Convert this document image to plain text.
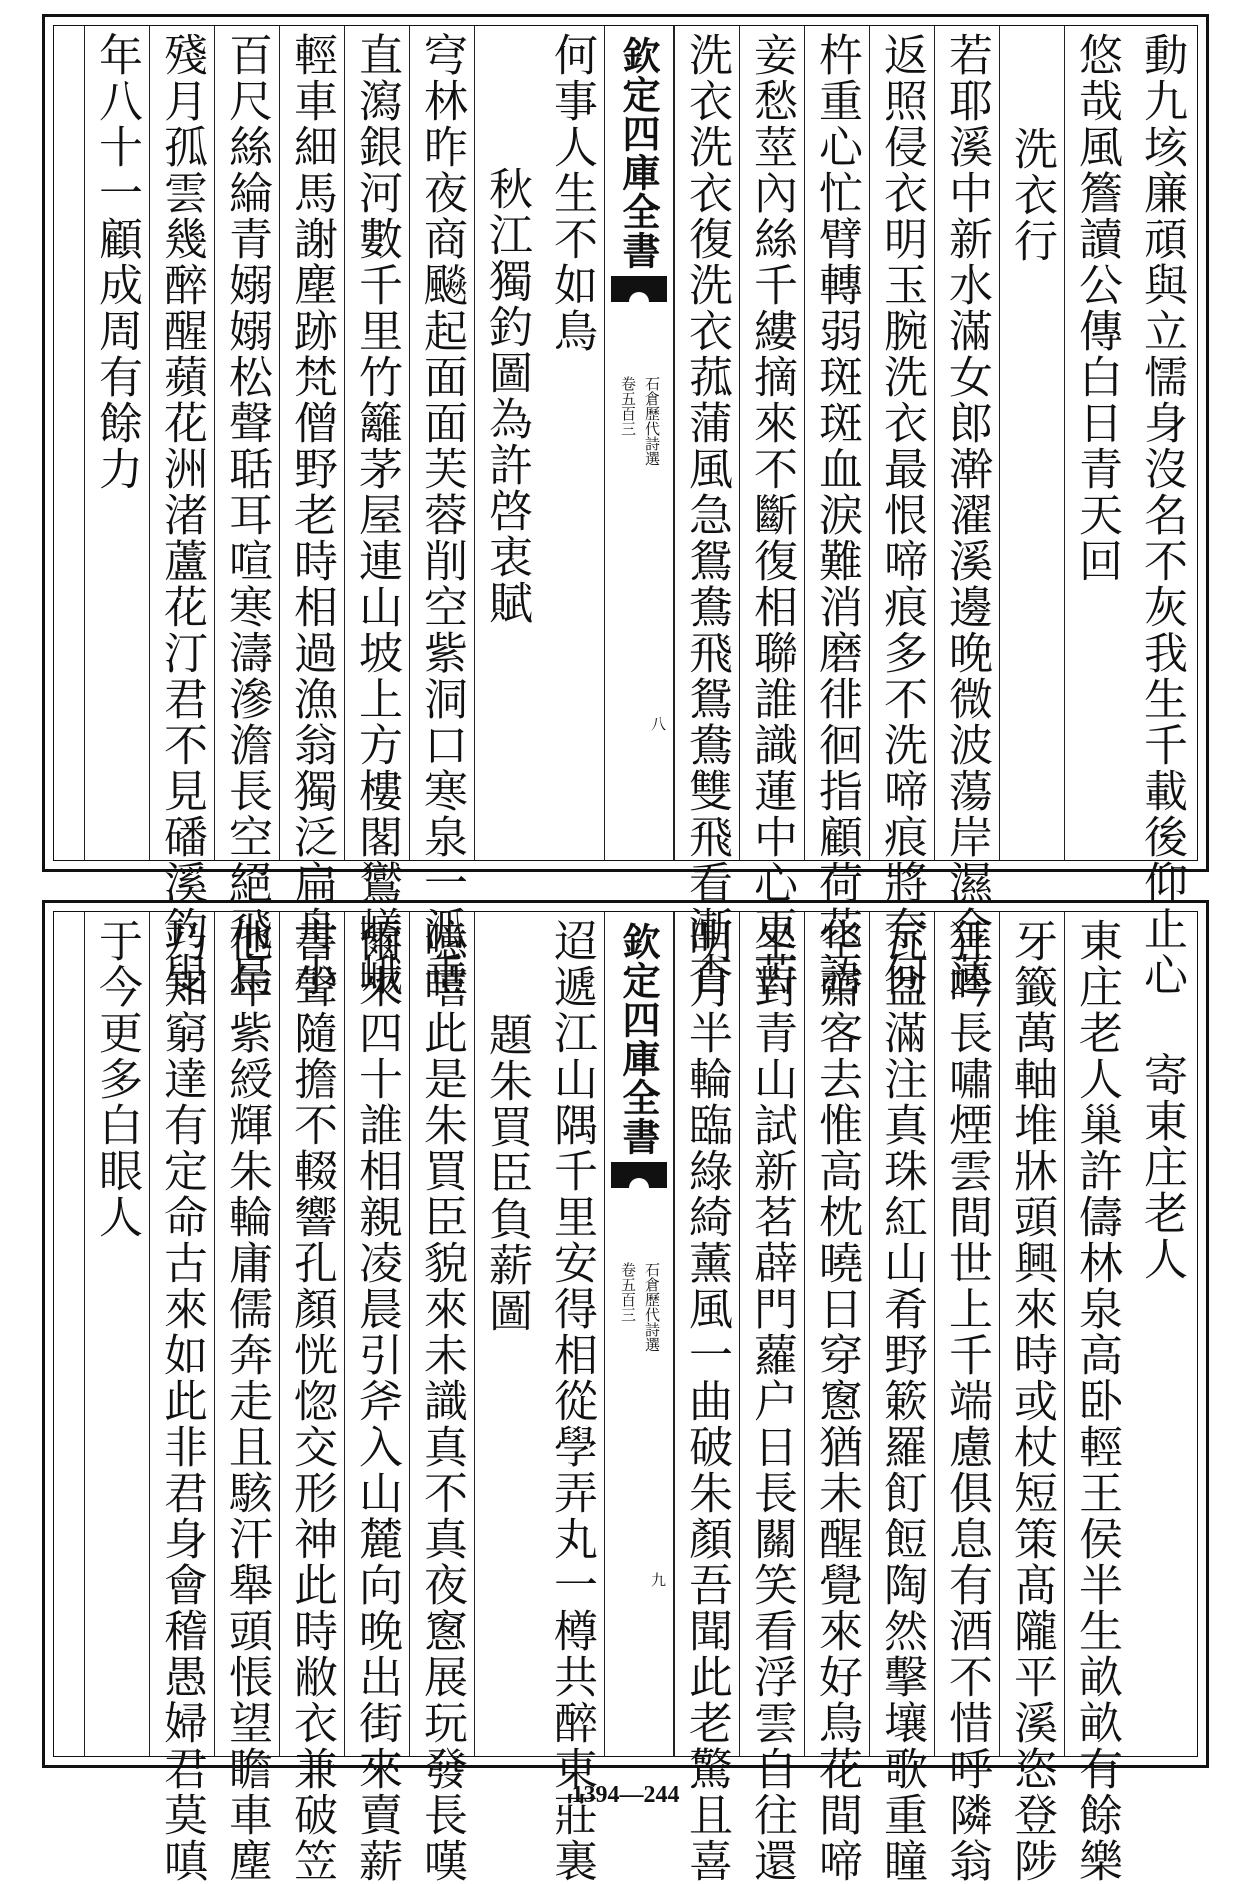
動九垓廉頑與立懦身沒名不灰我生千載後仰止心
悠哉風簷讀公傳白日青天回
洗衣行
若耶溪中新水滿女郎澣濯溪邊晚微波蕩岸濕金蓮
返照侵衣明玉腕洗衣最恨啼痕多不洗啼痕將奈何
杵重心忙臂轉弱斑斑血淚難消磨徘徊指顧荷花語
妾愁莖內絲千縷摘來不斷復相聯誰識蓮中心更苦
洗衣洗衣復洗衣菰蒲風急鴛鴦飛鴛鴦雙飛看漸杳
欽定四庫全書
石倉歷代詩選
卷五百三
八
何事人生不如鳥
秋江獨釣圖為許啓衷賦
穹林昨夜商飈起面面芙蓉削空紫洞口寒泉一泒垂
直瀉銀河數千里竹籬茅屋連山坡上方樓閣鸑嵯峨
輕車細馬謝塵跡梵僧野老時相過漁翁獨泛扁舟小
百尺絲綸青嫋嫋松聲聒耳喧寒濤滲澹長空絕飛鳥
殘月孤雲幾醉醒蘋花洲渚蘆花汀君不見磻溪釣叟
年八十一顧成周有餘力
寄東庄老人
東庄老人巢許儔林泉高卧輕王侯半生畝畝有餘樂
牙籤萬軸堆牀頭興來時或杖短策髙隴平溪恣登陟
狂吟長嘯煙雲間世上千端慮俱息有酒不惜呼隣翁
瓦盆滿注真珠紅山肴野簌羅飣餖陶然擊壤歌重瞳
空齋客去惟高枕曉日穿窻猶未醒覺來好鳥花間啼
坐對青山試新茗薜門蘿户日長關笑看浮雲自往還
明月半輪臨綠綺薰風一曲破朱顏吾聞此老驚且喜
欽定四庫全書
石倉歷代詩選
卷五百三
九
迢遞江山隅千里安得相從學弄丸一樽共醉東莊裏
題朱買臣負薪圖
噫嘻此是朱買臣貌來未識真不真夜窻展玩發長嘆
爾來四十誰相親凌晨引斧入山麓向晚出街來賣薪
書聲隨擔不輟響孔顏恍惚交形神此時敝衣兼破笠
他年紫綬輝朱輪庸儒奔走且駭汗舉頭悵望瞻車塵
乃知窮達有定命古來如此非君身會稽愚婦君莫嗔
于今更多白眼人
1394—244
